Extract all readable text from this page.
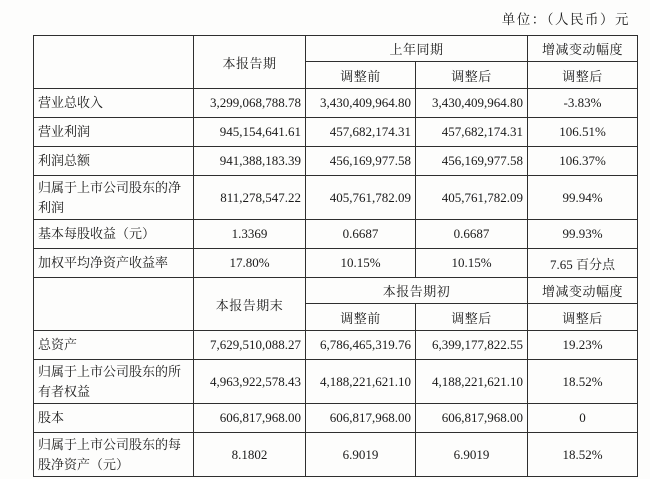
单位：（人民币）元
	本报告期	上年同期		增减变动幅度
		调整前	调整后	调整后
营业总收入	3,299,068,788.78	3,430,409,964.80	3,430,409,964.80	-3.83%
营业利润	945,154,641.61	457,682,174.31	457,682,174.31	106.51%
利润总额	941,388,183.39	456,169,977.58	456,169,977.58	106.37%
归属于上市公司股东的净利润	811,278,547.22	405,761,782.09	405,761,782.09	99.94%
基本每股收益（元）	1.3369	0.6687	0.6687	99.93%
加权平均净资产收益率	17.80%	10.15%	10.15%	7.65 百分点
	本报告期末	本报告期初		增减变动幅度
		调整前	调整后	调整后
总资产	7,629,510,088.27	6,786,465,319.76	6,399,177,822.55	19.23%
归属于上市公司股东的所有者权益	4,963,922,578.43	4,188,221,621.10	4,188,221,621.10	18.52%
股本	606,817,968.00	606,817,968.00	606,817,968.00	0
归属于上市公司股东的每股净资产（元）	8.1802	6.9019	6.9019	18.52%
